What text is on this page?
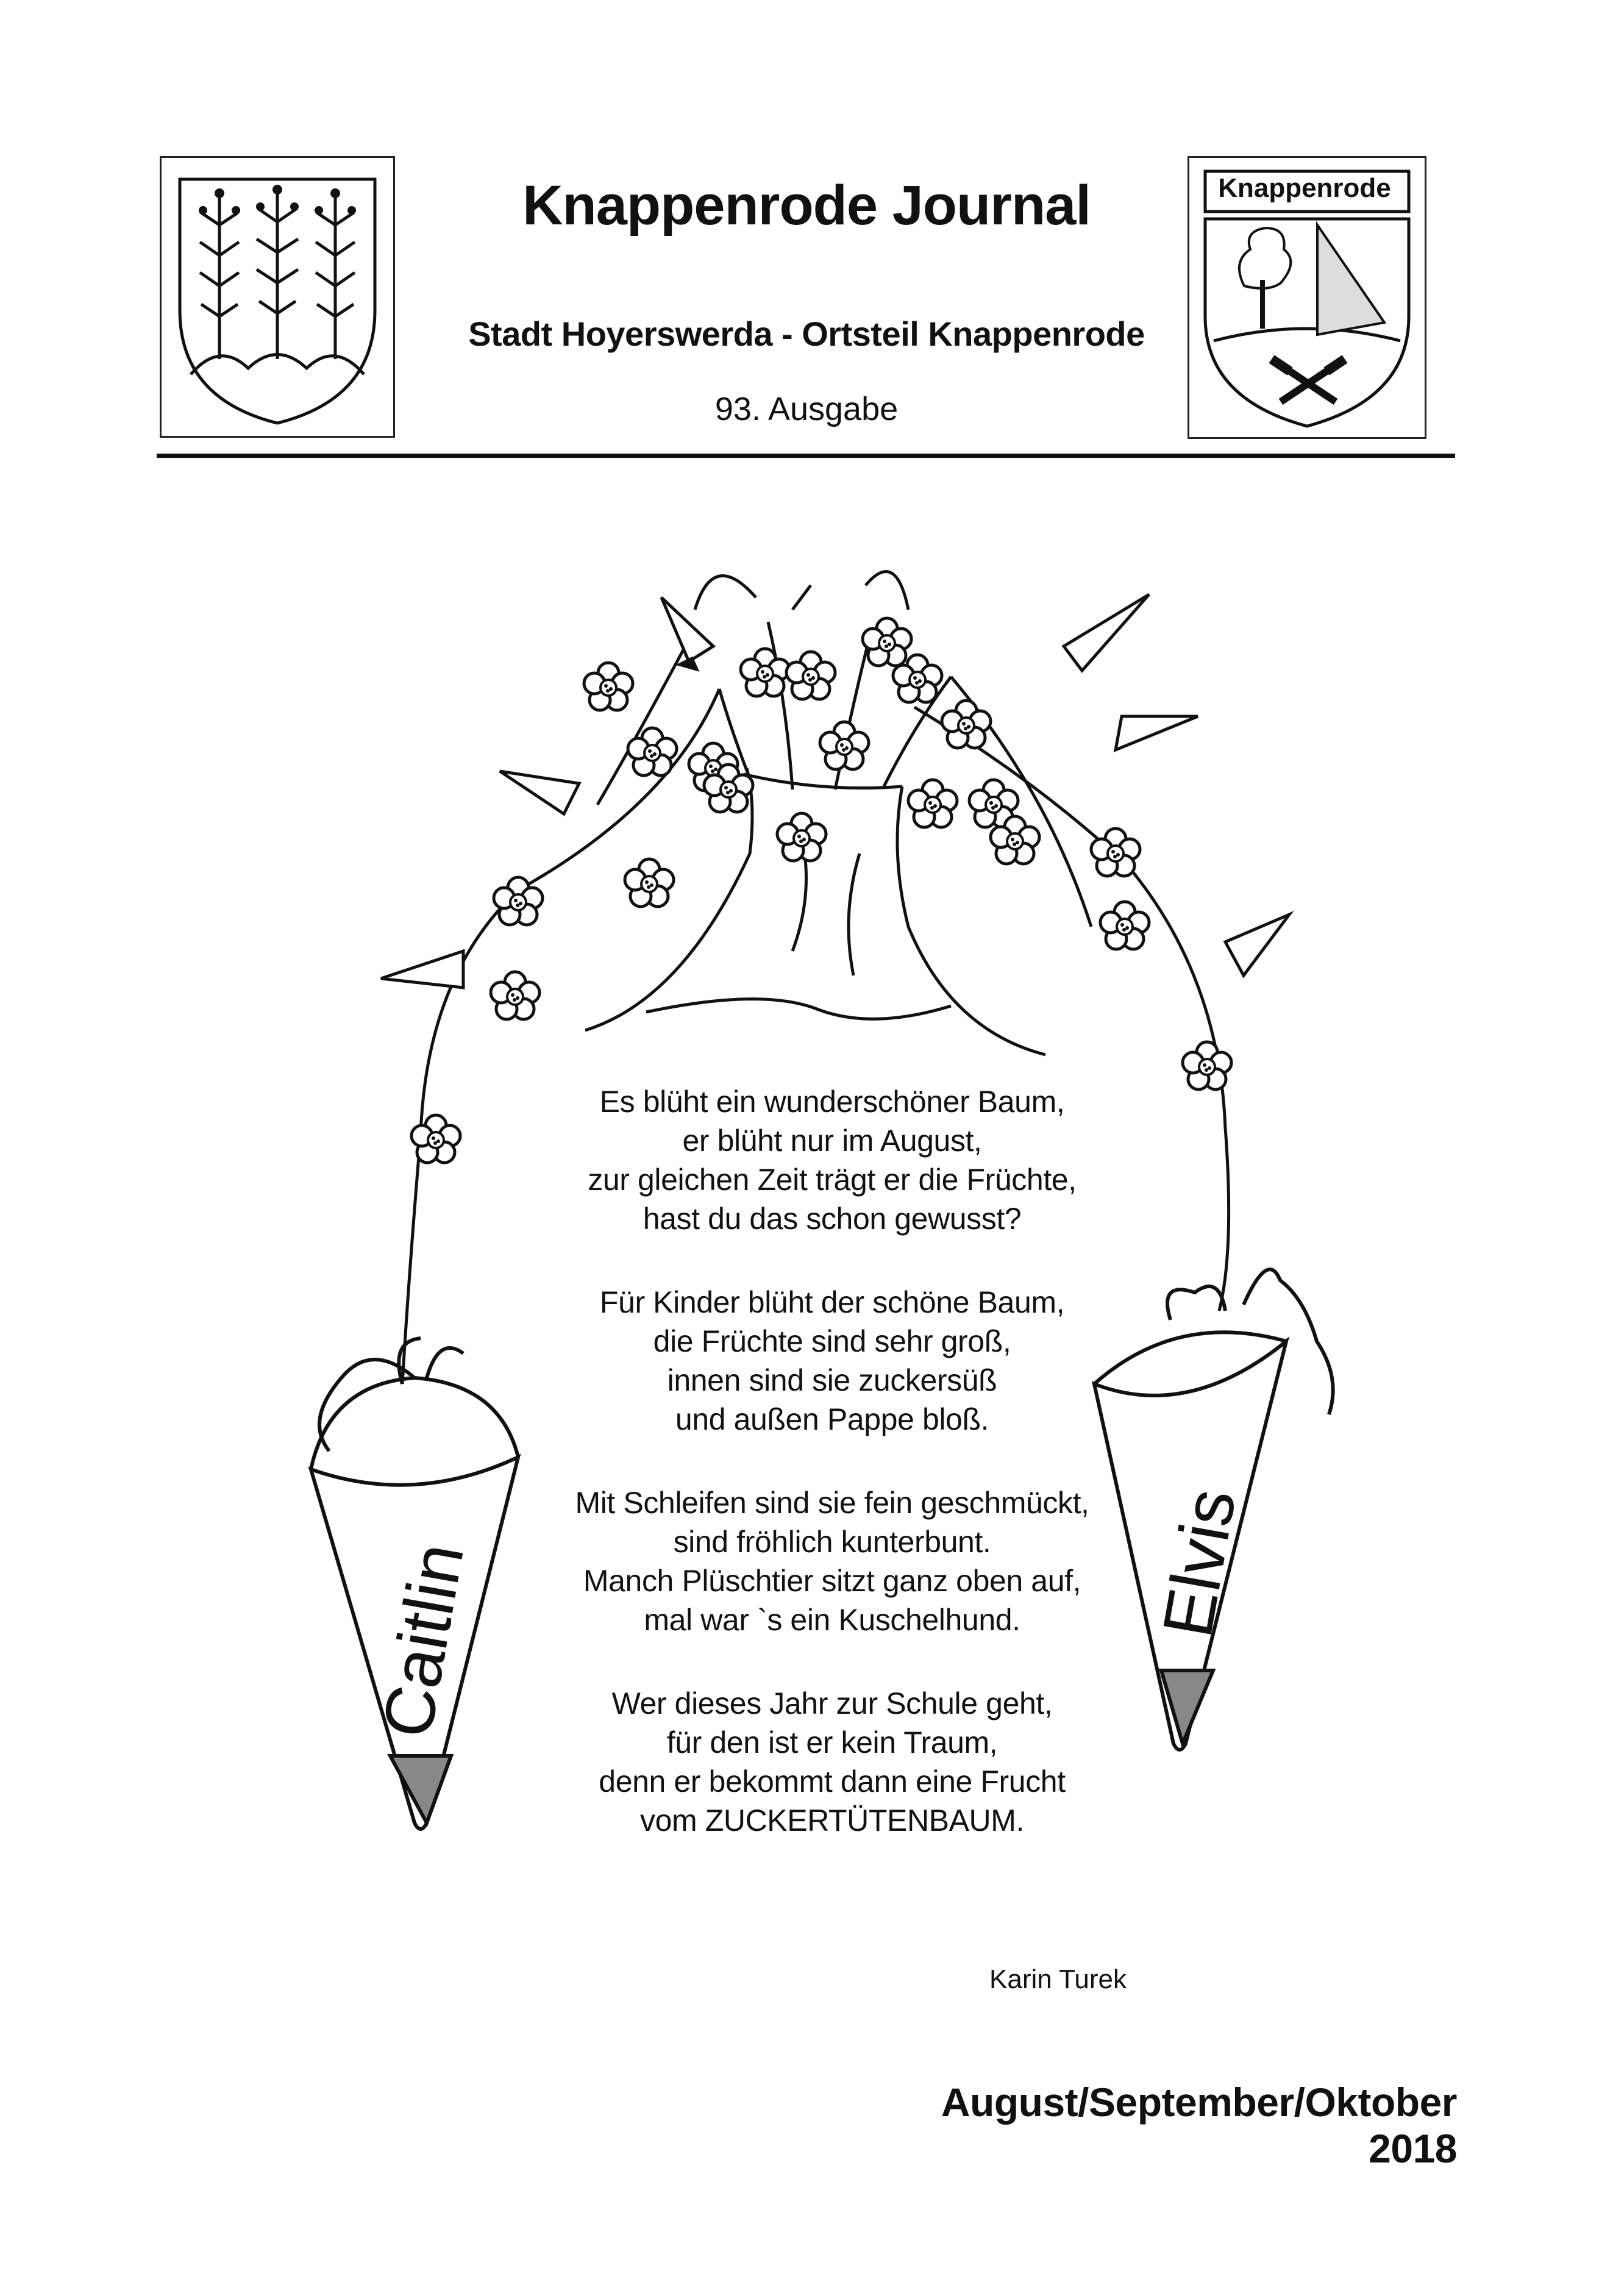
Knappenrode
Knappenrode Journal
Stadt Hoyerswerda - Ortsteil Knappenrode
93. Ausgabe
Caitlin	Elvis
Es blüht ein wunderschöner Baum,
er blüht nur im August,
zur gleichen Zeit trägt er die Früchte,
hast du das schon gewusst?
Für Kinder blüht der schöne Baum,
die Früchte sind sehr groß,
innen sind sie zuckersüß
und außen Pappe bloß.
Mit Schleifen sind sie fein geschmückt,
sind fröhlich kunterbunt.
Manch Plüschtier sitzt ganz oben auf,
mal war `s ein Kuschelhund.
Wer dieses Jahr zur Schule geht,
für den ist er kein Traum,
denn er bekommt dann eine Frucht
vom ZUCKERTÜTENBAUM.
Karin Turek
August/September/Oktober 2018
